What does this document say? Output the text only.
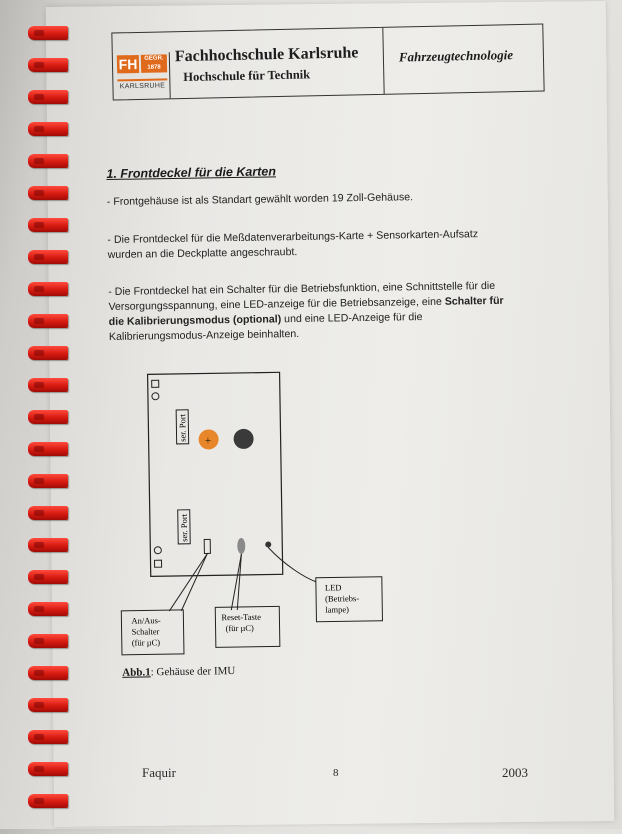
FH	GEGR.
1878
KARLSRUHE
Fachhochschule Karlsruhe
Hochschule für Technik
Fahrzeugtechnologie
1. Frontdeckel für die Karten
- Frontgehäuse ist als Standart gewählt worden 19 Zoll-Gehäuse.
- Die Frontdeckel für die Meßdatenverarbeitungs-Karte + Sensorkarten-Aufsatz
wurden an die Deckplatte angeschraubt.
- Die Frontdeckel hat ein Schalter für die Betriebsfunktion, eine Schnittstelle für die
Versorgungsspannung, eine LED-anzeige für die Betriebsanzeige, eine Schalter für
die Kalibrierungsmodus (optional) und eine LED-Anzeige für die
Kalibrierungsmodus-Anzeige beinhalten.
ser. Port
ser. Port
+
An/Aus-
Schalter
(für µC)
Reset-Taste
(für µC)
LED
(Betriebs-
lampe)
Abb.1: Gehäuse der IMU
Faquir	8	2003
